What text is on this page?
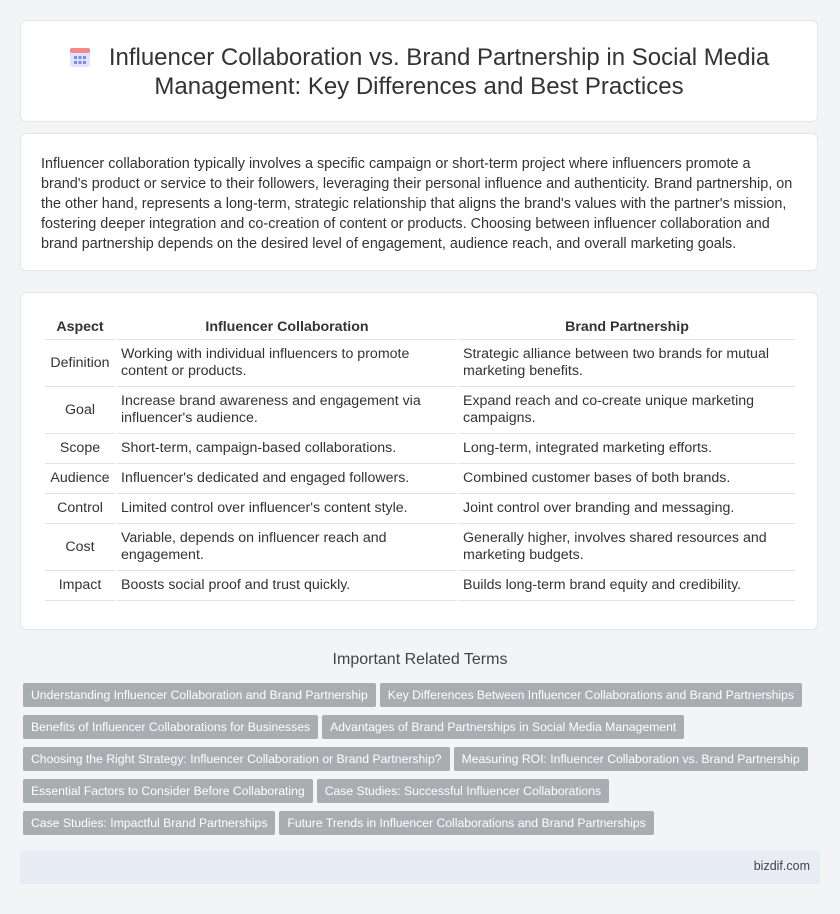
Influencer Collaboration vs. Brand Partnership in Social Media Management: Key Differences and Best Practices
Influencer collaboration typically involves a specific campaign or short-term project where influencers promote a brand's product or service to their followers, leveraging their personal influence and authenticity. Brand partnership, on the other hand, represents a long-term, strategic relationship that aligns the brand's values with the partner's mission, fostering deeper integration and co-creation of content or products. Choosing between influencer collaboration and brand partnership depends on the desired level of engagement, audience reach, and overall marketing goals.
Aspect	Influencer Collaboration	Brand Partnership
Definition	Working with individual influencers to promote content or products.	Strategic alliance between two brands for mutual marketing benefits.
Goal	Increase brand awareness and engagement via influencer's audience.	Expand reach and co-create unique marketing campaigns.
Scope	Short-term, campaign-based collaborations.	Long-term, integrated marketing efforts.
Audience	Influencer's dedicated and engaged followers.	Combined customer bases of both brands.
Control	Limited control over influencer's content style.	Joint control over branding and messaging.
Cost	Variable, depends on influencer reach and engagement.	Generally higher, involves shared resources and marketing budgets.
Impact	Boosts social proof and trust quickly.	Builds long-term brand equity and credibility.
Important Related Terms
Understanding Influencer Collaboration and Brand Partnership Key Differences Between Influencer Collaborations and Brand Partnerships
Benefits of Influencer Collaborations for Businesses Advantages of Brand Partnerships in Social Media Management
Choosing the Right Strategy: Influencer Collaboration or Brand Partnership? Measuring ROI: Influencer Collaboration vs. Brand Partnership
Essential Factors to Consider Before Collaborating Case Studies: Successful Influencer Collaborations
Case Studies: Impactful Brand Partnerships Future Trends in Influencer Collaborations and Brand Partnerships
bizdif.com
